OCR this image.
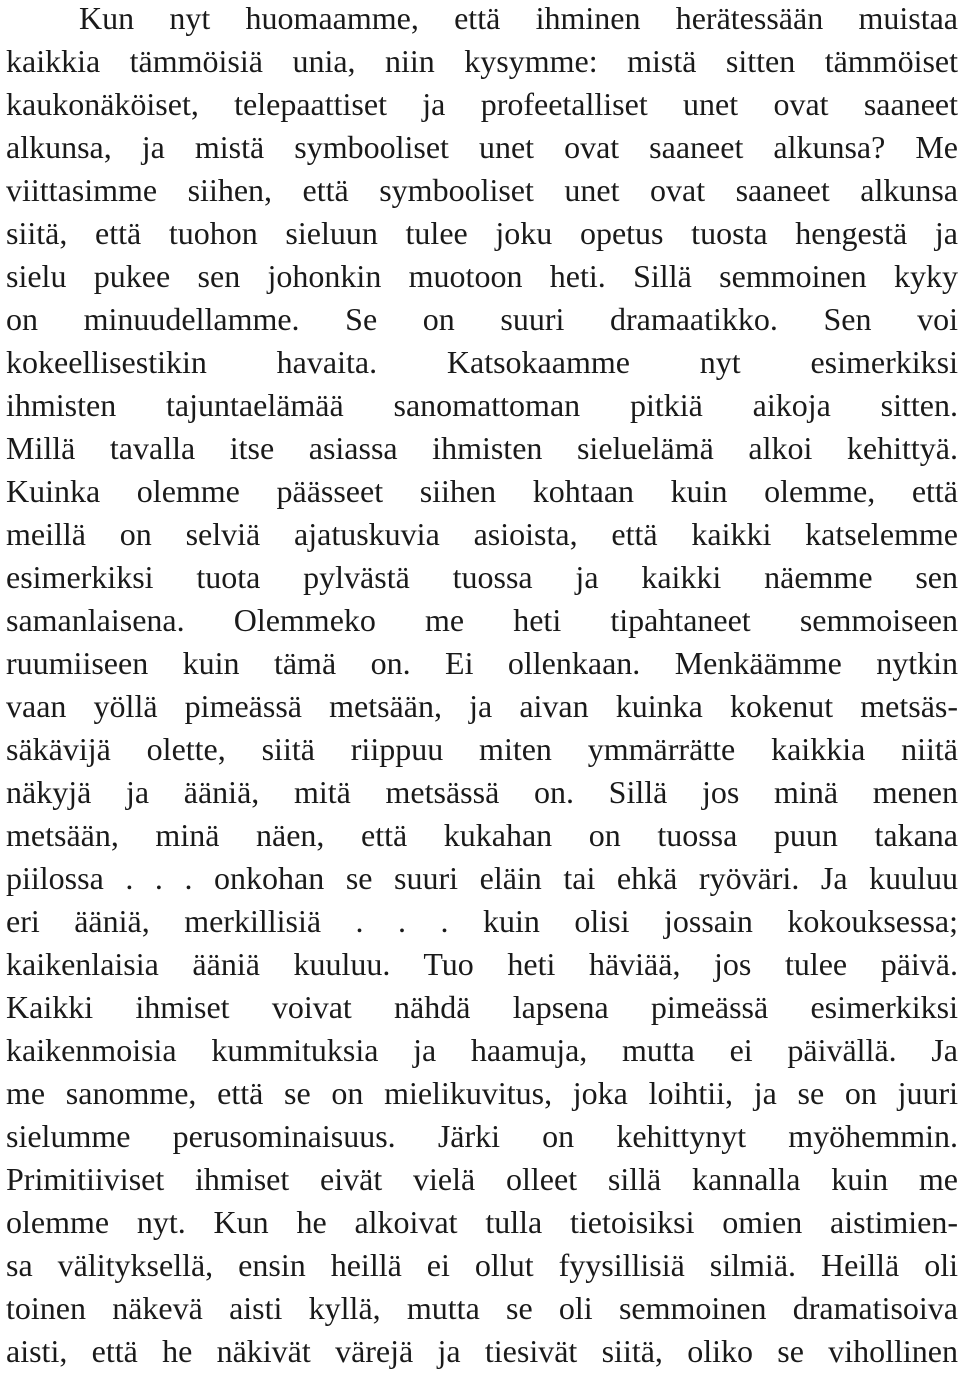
Kun nyt huomaamme, että ihminen herätessään muistaa
kaikkia tämmöisiä unia, niin kysymme: mistä sitten tämmöiset
kaukonäköiset, telepaattiset ja profeetalliset unet ovat saaneet
alkunsa, ja mistä symbooliset unet ovat saaneet alkunsa? Me
viittasimme siihen, että symbooliset unet ovat saaneet alkunsa
siitä, että tuohon sieluun tulee joku opetus tuosta hengestä ja
sielu pukee sen johonkin muotoon heti. Sillä semmoinen kyky
on minuudellamme. Se on suuri dramaatikko. Sen voi
kokeellisestikin havaita. Katsokaamme nyt esimerkiksi
ihmisten tajuntaelämää sanomattoman pitkiä aikoja sitten.
Millä tavalla itse asiassa ihmisten sieluelämä alkoi kehittyä.
Kuinka olemme päässeet siihen kohtaan kuin olemme, että
meillä on selviä ajatuskuvia asioista, että kaikki katselemme
esimerkiksi tuota pylvästä tuossa ja kaikki näemme sen
samanlaisena. Olemmeko me heti tipahtaneet semmoiseen
ruumiiseen kuin tämä on. Ei ollenkaan. Menkäämme nytkin
vaan yöllä pimeässä metsään, ja aivan kuinka kokenut metsäs-
säkävijä olette, siitä riippuu miten ymmärrätte kaikkia niitä
näkyjä ja ääniä, mitä metsässä on. Sillä jos minä menen
metsään, minä näen, että kukahan on tuossa puun takana
piilossa . . . onkohan se suuri eläin tai ehkä ryöväri. Ja kuuluu
eri ääniä, merkillisiä . . . kuin olisi jossain kokouksessa;
kaikenlaisia ääniä kuuluu. Tuo heti häviää, jos tulee päivä.
Kaikki ihmiset voivat nähdä lapsena pimeässä esimerkiksi
kaikenmoisia kummituksia ja haamuja, mutta ei päivällä. Ja
me sanomme, että se on mielikuvitus, joka loihtii, ja se on juuri
sielumme perusominaisuus. Järki on kehittynyt myöhemmin.
Primitiiviset ihmiset eivät vielä olleet sillä kannalla kuin me
olemme nyt. Kun he alkoivat tulla tietoisiksi omien aistimien-
sa välityksellä, ensin heillä ei ollut fyysillisiä silmiä. Heillä oli
toinen näkevä aisti kyllä, mutta se oli semmoinen dramatisoiva
aisti, että he näkivät värejä ja tiesivät siitä, oliko se vihollinen
